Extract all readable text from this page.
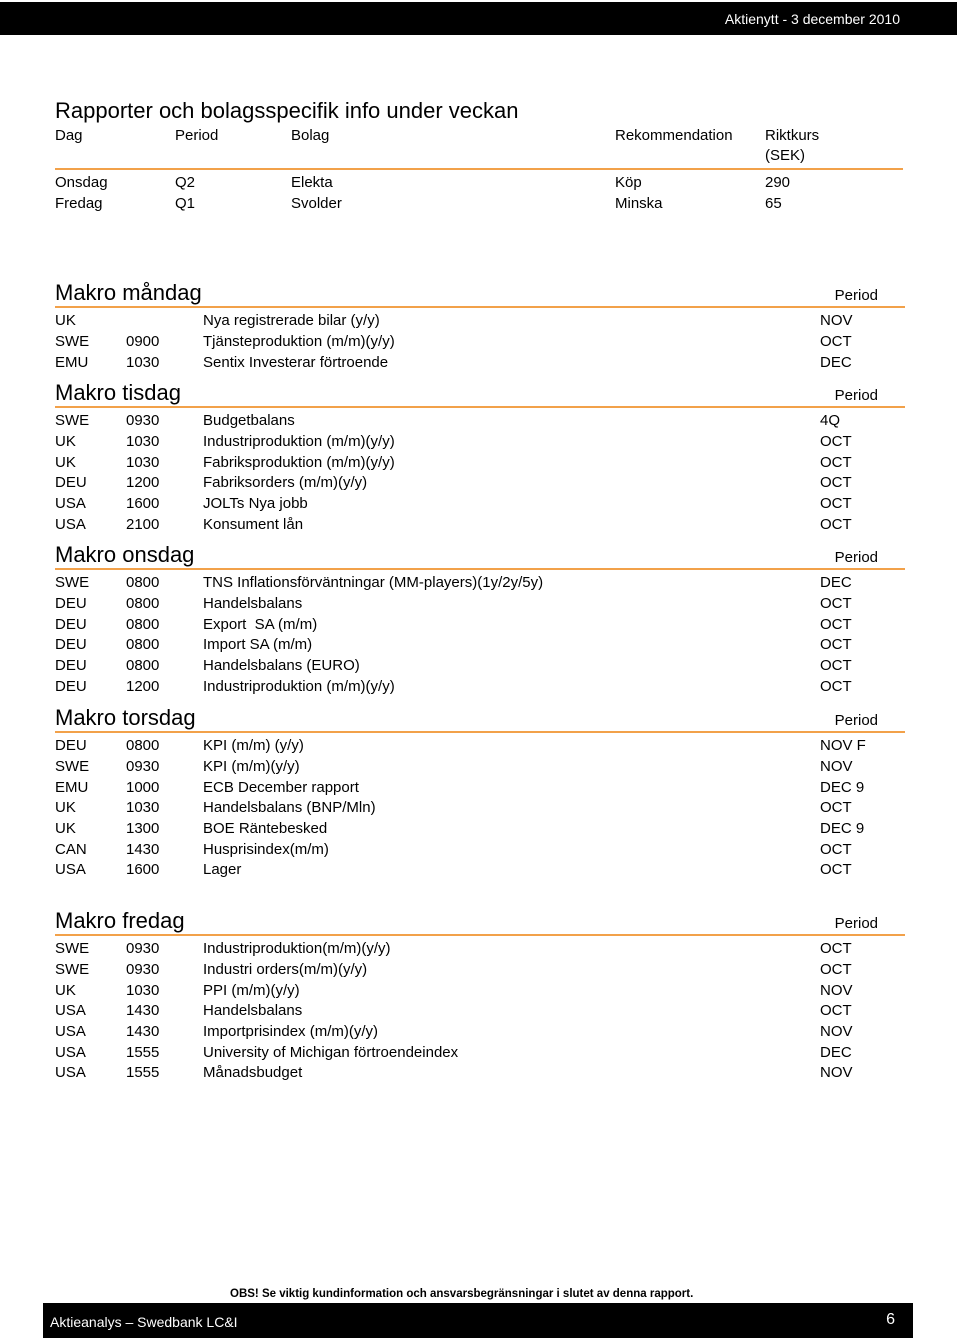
Aktienytt - 3 december 2010
Rapporter och bolagsspecifik info under veckan
Dag	Period	Bolag	Rekommendation	Riktkurs
(SEK)
Onsdag	Q2	Elekta	Köp	290
Fredag	Q1	Svolder	Minska	65
Makro måndag	Period
UK		Nya registrerade bilar (y/y)	NOV
SWE	0900	Tjänsteproduktion (m/m)(y/y)	OCT
EMU	1030	Sentix Investerar förtroende	DEC
Makro tisdag	Period
SWE	0930	Budgetbalans	4Q
UK	1030	Industriproduktion (m/m)(y/y)	OCT
UK	1030	Fabriksproduktion (m/m)(y/y)	OCT
DEU	1200	Fabriksorders (m/m)(y/y)	OCT
USA	1600	JOLTs Nya jobb	OCT
USA	2100	Konsument lån	OCT
Makro onsdag	Period
SWE	0800	TNS Inflationsförväntningar (MM-players)(1y/2y/5y)	DEC
DEU	0800	Handelsbalans	OCT
DEU	0800	Export  SA (m/m)	OCT
DEU	0800	Import SA (m/m)	OCT
DEU	0800	Handelsbalans (EURO)	OCT
DEU	1200	Industriproduktion (m/m)(y/y)	OCT
Makro torsdag	Period
DEU	0800	KPI (m/m) (y/y)	NOV F
SWE	0930	KPI (m/m)(y/y)	NOV
EMU	1000	ECB December rapport	DEC 9
UK	1030	Handelsbalans (BNP/Mln)	OCT
UK	1300	BOE Räntebesked	DEC 9
CAN	1430	Husprisindex(m/m)	OCT
USA	1600	Lager	OCT
Makro fredag	Period
SWE	0930	Industriproduktion(m/m)(y/y)	OCT
SWE	0930	Industri orders(m/m)(y/y)	OCT
UK	1030	PPI (m/m)(y/y)	NOV
USA	1430	Handelsbalans	OCT
USA	1430	Importprisindex (m/m)(y/y)	NOV
USA	1555	University of Michigan förtroendeindex	DEC
USA	1555	Månadsbudget	NOV
OBS! Se viktig kundinformation och ansvarsbegränsningar i slutet av denna rapport.
Aktieanalys – Swedbank LC&I	6
